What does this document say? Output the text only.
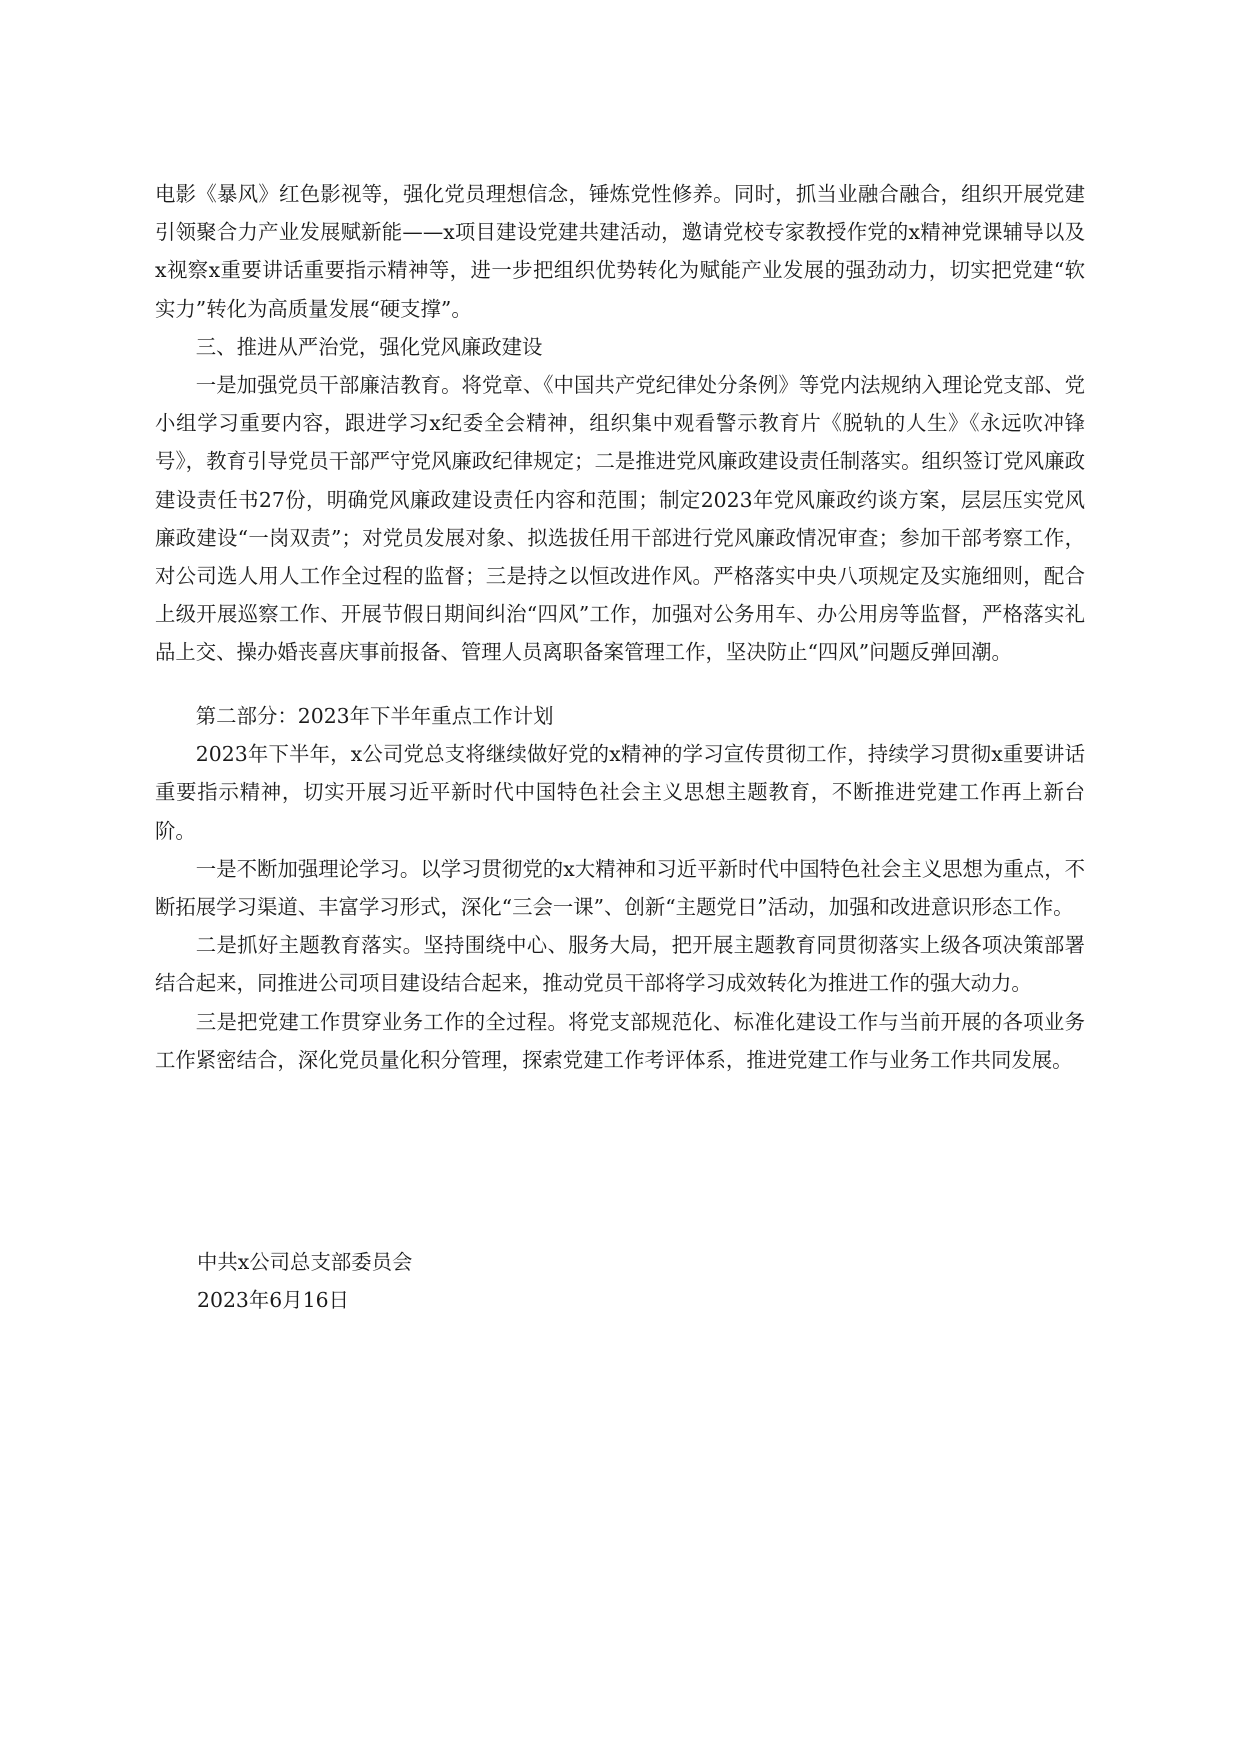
电影《暴风》红色影视等，强化党员理想信念，锤炼党性修养。同时，抓当业融合融合，组织开展党建引领聚合力产业发展赋新能——x项目建设党建共建活动，邀请党校专家教授作党的x精神党课辅导以及x视察x重要讲话重要指示精神等，进一步把组织优势转化为赋能产业发展的强劲动力，切实把党建“软实力”转化为高质量发展“硬支撑”。

三、推进从严治党，强化党风廉政建设

一是加强党员干部廉洁教育。将党章、《中国共产党纪律处分条例》等党内法规纳入理论党支部、党小组学习重要内容，跟进学习x纪委全会精神，组织集中观看警示教育片《脱轨的人生》《永远吹冲锋号》，教育引导党员干部严守党风廉政纪律规定；二是推进党风廉政建设责任制落实。组织签订党风廉政建设责任书27份，明确党风廉政建设责任内容和范围；制定2023年党风廉政约谈方案，层层压实党风廉政建设“一岗双责”；对党员发展对象、拟选拔任用干部进行党风廉政情况审查；参加干部考察工作，对公司选人用人工作全过程的监督；三是持之以恒改进作风。严格落实中央八项规定及实施细则，配合上级开展巡察工作、开展节假日期间纠治“四风”工作，加强对公务用车、办公用房等监督，严格落实礼品上交、操办婚丧喜庆事前报备、管理人员离职备案管理工作，坚决防止“四风”问题反弹回潮。

第二部分：2023年下半年重点工作计划

2023年下半年，x公司党总支将继续做好党的x精神的学习宣传贯彻工作，持续学习贯彻x重要讲话重要指示精神，切实开展习近平新时代中国特色社会主义思想主题教育，不断推进党建工作再上新台阶。

一是不断加强理论学习。以学习贯彻党的x大精神和习近平新时代中国特色社会主义思想为重点，不断拓展学习渠道、丰富学习形式，深化“三会一课”、创新“主题党日”活动，加强和改进意识形态工作。

二是抓好主题教育落实。坚持围绕中心、服务大局，把开展主题教育同贯彻落实上级各项决策部署结合起来，同推进公司项目建设结合起来，推动党员干部将学习成效转化为推进工作的强大动力。

三是把党建工作贯穿业务工作的全过程。将党支部规范化、标准化建设工作与当前开展的各项业务工作紧密结合，深化党员量化积分管理，探索党建工作考评体系，推进党建工作与业务工作共同发展。

中共x公司总支部委员会

2023年6月16日
